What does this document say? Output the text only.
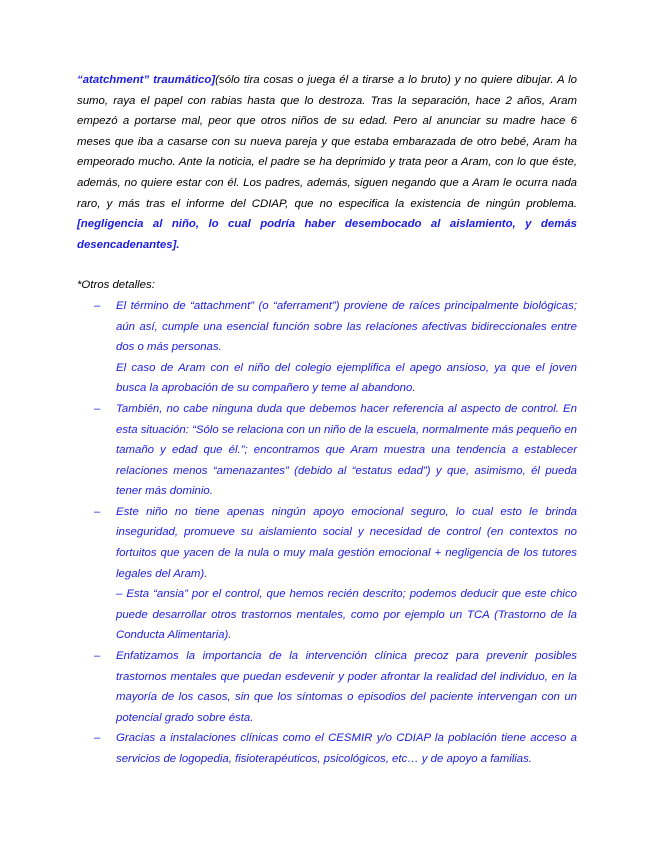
“atatchment” traumático](sólo tira cosas o juega él a tirarse a lo bruto) y no quiere dibujar. A lo sumo, raya el papel con rabias hasta que lo destroza. Tras la separación, hace 2 años, Aram empezó a portarse mal, peor que otros niños de su edad. Pero al anunciar su madre hace 6 meses que iba a casarse con su nueva pareja y que estaba embarazada de otro bebé, Aram ha empeorado mucho. Ante la noticia, el padre se ha deprimido y trata peor a Aram, con lo que éste, además, no quiere estar con él. Los padres, además, siguen negando que a Aram le ocurra nada raro, y más tras el informe del CDIAP, que no especifica la existencia de ningún problema. [negligencia al niño, lo cual podría haber desembocado al aislamiento, y demás desencadenantes].

*Otros detalles:

– El término de “attachment” (o “aferrament”) proviene de raíces principalmente biológicas; aún así, cumple una esencial función sobre las relaciones afectivas bidireccionales entre dos o más personas.

El caso de Aram con el niño del colegio ejemplifica el apego ansioso, ya que el joven busca la aprobación de su compañero y teme al abandono.

– También, no cabe ninguna duda que debemos hacer referencia al aspecto de control. En esta situación: “Sólo se relaciona con un niño de la escuela, normalmente más pequeño en tamaño y edad que él.”; encontramos que Aram muestra una tendencia a establecer relaciones menos “amenazantes” (debido al “estatus edad”) y que, asimismo, él pueda tener más dominio.

– Este niño no tiene apenas ningún apoyo emocional seguro, lo cual esto le brinda inseguridad, promueve su aislamiento social y necesidad de control (en contextos no fortuitos que yacen de la nula o muy mala gestión emocional + negligencia de los tutores legales del Aram).

– Esta “ansia” por el control, que hemos recién descrito; podemos deducir que este chico puede desarrollar otros trastornos mentales, como por ejemplo un TCA (Trastorno de la Conducta Alimentaria).

– Enfatizamos la importancia de la intervención clínica precoz para prevenir posibles trastornos mentales que puedan esdevenir y poder afrontar la realidad del individuo, en la mayoría de los casos, sin que los síntomas o episodios del paciente intervengan con un potencial grado sobre ésta.

– Gracias a instalaciones clínicas como el CESMIR y/o CDIAP la población tiene acceso a servicios de logopedia, fisioterapéuticos, psicológicos, etc… y de apoyo a familias.
